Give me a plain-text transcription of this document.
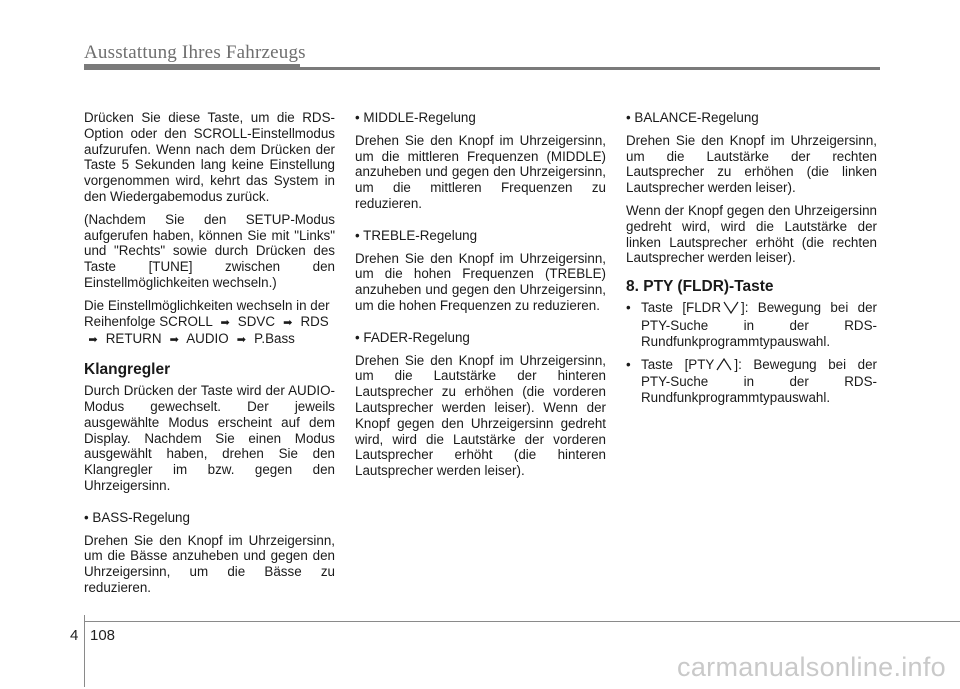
Ausstattung Ihres Fahrzeugs

Drücken Sie diese Taste, um die RDS-Option oder den SCROLL-Einstellmodus aufzurufen. Wenn nach dem Drücken der Taste 5 Sekunden lang keine Einstellung vorgenommen wird, kehrt das System in den Wiedergabemodus zurück.

(Nachdem Sie den SETUP-Modus aufgerufen haben, können Sie mit "Links" und "Rechts" sowie durch Drücken des Taste [TUNE] zwischen den Einstellmöglichkeiten wechseln.)

Die Einstellmöglichkeiten wechseln in der Reihenfolge SCROLL ➡ SDVC ➡ RDS ➡ RETURN ➡ AUDIO ➡ P.Bass

Klangregler

Durch Drücken der Taste wird der AUDIO-Modus gewechselt. Der jeweils ausgewählte Modus erscheint auf dem Display. Nachdem Sie einen Modus ausgewählt haben, drehen Sie den Klangregler im bzw. gegen den Uhrzeigersinn.

• BASS-Regelung

Drehen Sie den Knopf im Uhrzeigersinn, um die Bässe anzuheben und gegen den Uhrzeigersinn, um die Bässe zu reduzieren.

• MIDDLE-Regelung

Drehen Sie den Knopf im Uhrzeigersinn, um die mittleren Frequenzen (MIDDLE) anzuheben und gegen den Uhrzeigersinn, um die mittleren Frequenzen zu reduzieren.

• TREBLE-Regelung

Drehen Sie den Knopf im Uhrzeigersinn, um die hohen Frequenzen (TREBLE) anzuheben und gegen den Uhrzeigersinn, um die hohen Frequenzen zu reduzieren.

• FADER-Regelung

Drehen Sie den Knopf im Uhrzeigersinn, um die Lautstärke der hinteren Lautsprecher zu erhöhen (die vorderen Lautsprecher werden leiser). Wenn der Knopf gegen den Uhrzeigersinn gedreht wird, wird die Lautstärke der vorderen Lautsprecher erhöht (die hinteren Lautsprecher werden leiser).

• BALANCE-Regelung

Drehen Sie den Knopf im Uhrzeigersinn, um die Lautstärke der rechten Lautsprecher zu erhöhen (die linken Lautsprecher werden leiser).

Wenn der Knopf gegen den Uhrzeigersinn gedreht wird, wird die Lautstärke der linken Lautsprecher erhöht (die rechten Lautsprecher werden leiser).

8. PTY (FLDR)-Taste
• Taste [FLDR ]: Bewegung bei der PTY-Suche in der RDS-Rundfunkprogrammtypauswahl.
• Taste [PTY ]: Bewegung bei der PTY-Suche in der RDS-Rundfunkprogrammtypauswahl.
4 108
carmanualsonline.info
